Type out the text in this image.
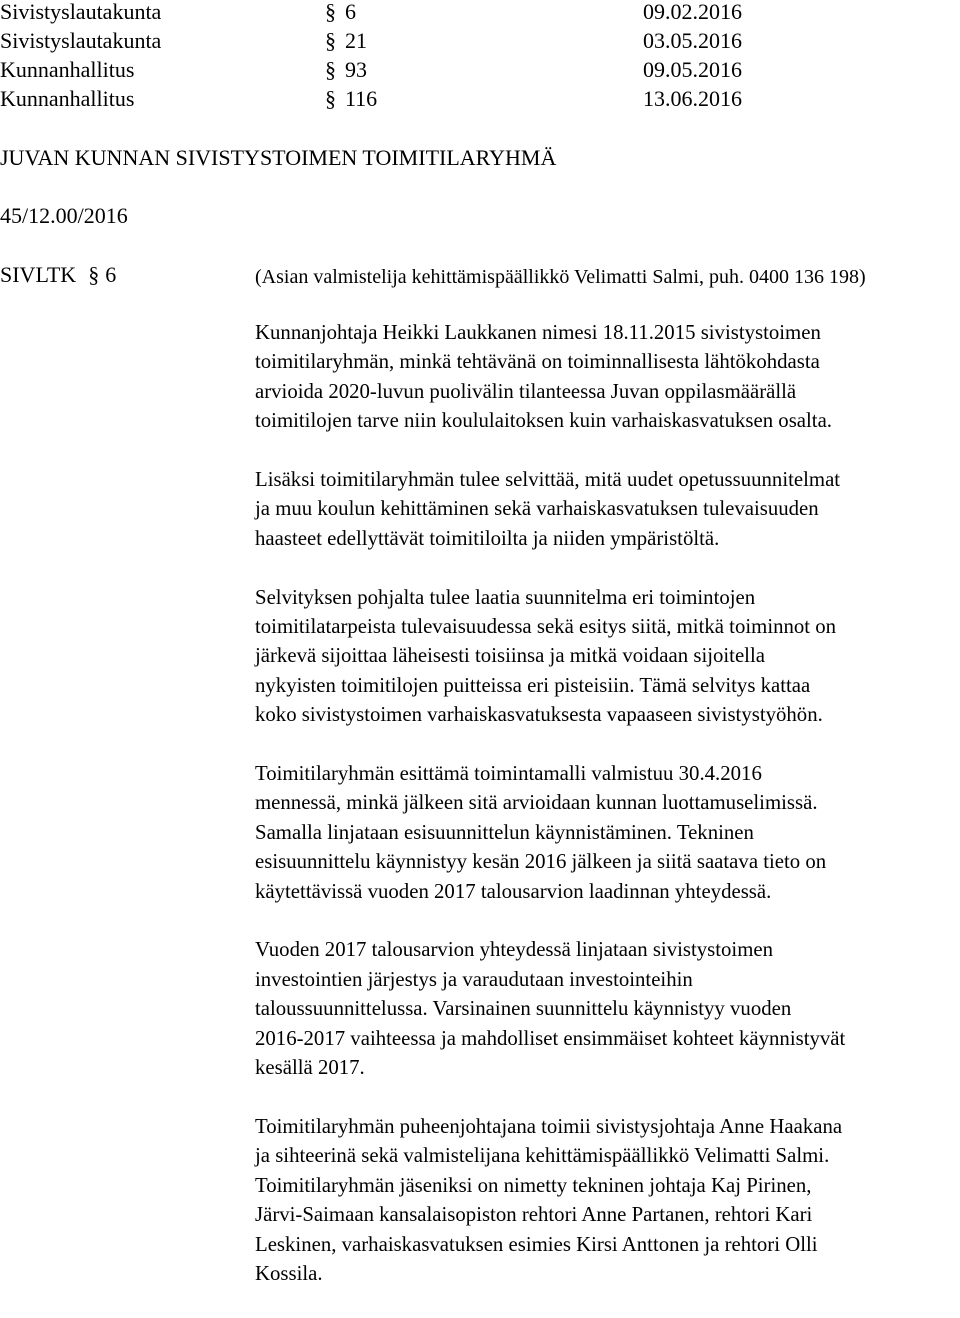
Sivistyslautakunta	§ 6	09.02.2016
Sivistyslautakunta	§ 21	03.05.2016
Kunnanhallitus	§ 93	09.05.2016
Kunnanhallitus	§ 116	13.06.2016
JUVAN KUNNAN SIVISTYSTOIMEN TOIMITILARYHMÄ
45/12.00/2016
SIVLTK § 6	(Asian valmistelija kehittämispäällikkö Velimatti Salmi, puh. 0400 136 198)

Kunnanjohtaja Heikki Laukkanen nimesi 18.11.2015 sivistystoimen
toimitilaryhmän, minkä tehtävänä on toiminnallisesta lähtökohdasta
arvioida 2020-luvun puolivälin tilanteessa Juvan oppilasmäärällä
toimitilojen tarve niin koululaitoksen kuin varhaiskasvatuksen osalta.

Lisäksi toimitilaryhmän tulee selvittää, mitä uudet opetussuunnitelmat
ja muu koulun kehittäminen sekä varhaiskasvatuksen tulevaisuuden
haasteet edellyttävät toimitiloilta ja niiden ympäristöltä.

Selvityksen pohjalta tulee laatia suunnitelma eri toimintojen
toimitilatarpeista tulevaisuudessa sekä esitys siitä, mitkä toiminnot on
järkevä sijoittaa läheisesti toisiinsa ja mitkä voidaan sijoitella
nykyisten toimitilojen puitteissa eri pisteisiin. Tämä selvitys kattaa
koko sivistystoimen varhaiskasvatuksesta vapaaseen sivistystyöhön.

Toimitilaryhmän esittämä toimintamalli valmistuu 30.4.2016
mennessä, minkä jälkeen sitä arvioidaan kunnan luottamuselimissä.
Samalla linjataan esisuunnittelun käynnistäminen. Tekninen
esisuunnittelu käynnistyy kesän 2016 jälkeen ja siitä saatava tieto on
käytettävissä vuoden 2017 talousarvion laadinnan yhteydessä.

Vuoden 2017 talousarvion yhteydessä linjataan sivistystoimen
investointien järjestys ja varaudutaan investointeihin
taloussuunnittelussa. Varsinainen suunnittelu käynnistyy vuoden
2016-2017 vaihteessa ja mahdolliset ensimmäiset kohteet käynnistyvät
kesällä 2017.

Toimitilaryhmän puheenjohtajana toimii sivistysjohtaja Anne Haakana
ja sihteerinä sekä valmistelijana kehittämispäällikkö Velimatti Salmi.
Toimitilaryhmän jäseniksi on nimetty tekninen johtaja Kaj Pirinen,
Järvi-Saimaan kansalaisopiston rehtori Anne Partanen, rehtori Kari
Leskinen, varhaiskasvatuksen esimies Kirsi Anttonen ja rehtori Olli
Kossila.
